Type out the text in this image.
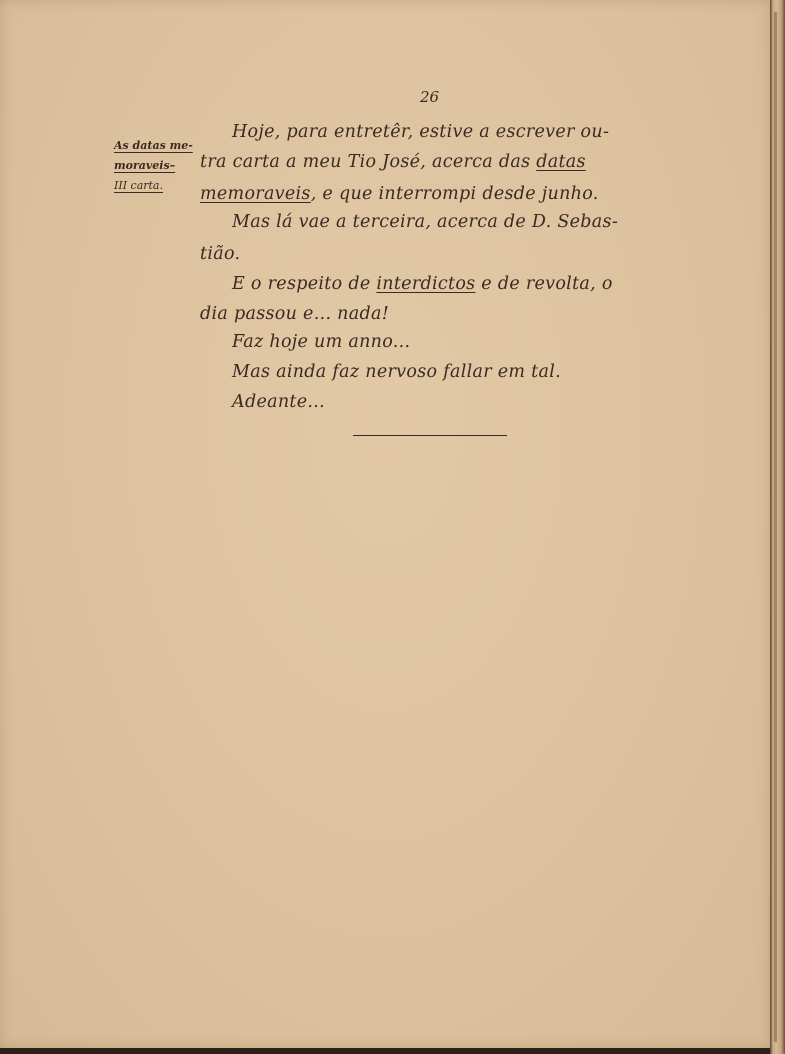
26
As datas me-
moraveis–
III carta.
Hoje, para entretêr, estive a escrever ou-
tra carta a meu Tio José, acerca das datas
memoraveis, e que interrompi desde junho.
Mas lá vae a terceira, acerca de D. Sebas-
tião.
E o respeito de interdictos e de revolta, o
dia passou e... nada!
Faz hoje um anno...
Mas ainda faz nervoso fallar em tal.
Adeante...
